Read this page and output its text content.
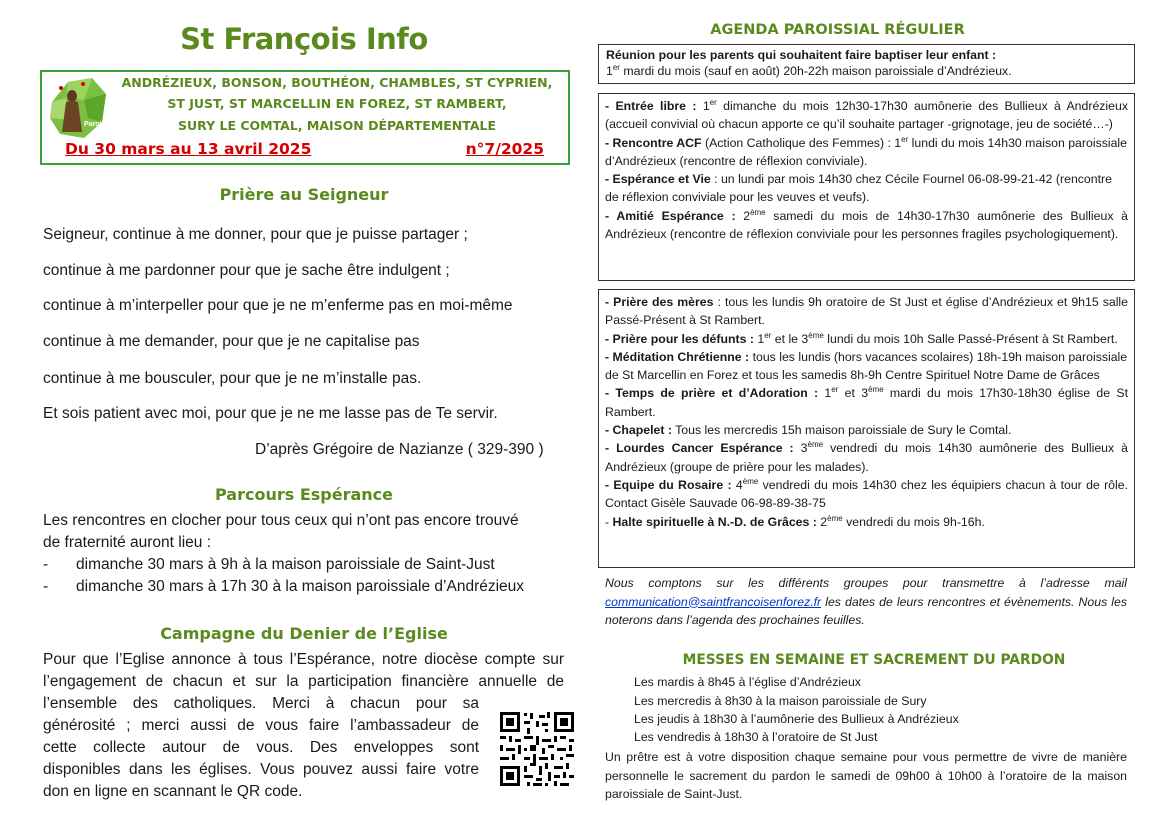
St François Info
Paroisse
ANDRÉZIEUX, BONSON, BOUTHÉON, CHAMBLES, ST CYPRIEN,
ST JUST, ST MARCELLIN EN FOREZ, ST RAMBERT,
SURY LE COMTAL, MAISON DÉPARTEMENTALE
Du 30 mars au 13 avril 2025	n°7/2025
Prière au Seigneur
Seigneur, continue à me donner, pour que je puisse partager ;
continue à me pardonner pour que je sache être indulgent ;
continue à m’interpeller pour que je ne m’enferme pas en moi-même
continue à me demander, pour que je ne capitalise pas
continue à me bousculer, pour que je ne m’installe pas.
Et sois patient avec moi, pour que je ne me lasse pas de Te servir.
D’après Grégoire de Nazianze ( 329-390 )
Parcours Espérance
Les rencontres en clocher pour tous ceux qui n’ont pas encore trouvé
de fraternité auront lieu :
- dimanche 30 mars à 9h à la maison paroissiale de Saint-Just
- dimanche 30 mars à 17h 30 à la maison paroissiale d’Andrézieux
Campagne du Denier de l’Eglise
Pour que l’Eglise annonce à tous l’Espérance, notre diocèse compte sur
l’engagement de chacun et sur la participation financière annuelle de
l’ensemble des catholiques. Merci à chacun pour sa
générosité ; merci aussi de vous faire l’ambassadeur de
cette collecte autour de vous. Des enveloppes sont
disponibles dans les églises. Vous pouvez aussi faire votre
don en ligne en scannant le QR code.
AGENDA PAROISSIAL RÉGULIER

Réunion pour les parents qui souhaitent faire baptiser leur enfant :

1er mardi du mois (sauf en août) 20h-22h maison paroissiale d’Andrézieux.

- Entrée libre : 1er dimanche du mois 12h30-17h30 aumônerie des Bullieux à Andrézieux (accueil convivial où chacun apporte ce qu’il souhaite partager -grignotage, jeu de société…-)

- Rencontre ACF (Action Catholique des Femmes) : 1er lundi du mois 14h30 maison paroissiale d’Andrézieux (rencontre de réflexion conviviale).

- Espérance et Vie : un lundi par mois 14h30 chez Cécile Fournel 06-08-99-21-42 (rencontre de réflexion conviviale pour les veuves et veufs).

- Amitié Espérance : 2ème samedi du mois de 14h30-17h30 aumônerie des Bullieux à Andrézieux (rencontre de réflexion conviviale pour les personnes fragiles psychologiquement).

- Prière des mères : tous les lundis 9h oratoire de St Just et église d’Andrézieux et 9h15 salle Passé-Présent à St Rambert.

- Prière pour les défunts : 1er et le 3ème lundi du mois 10h Salle Passé-Présent à St Rambert.

- Méditation Chrétienne : tous les lundis (hors vacances scolaires) 18h-19h maison paroissiale de St Marcellin en Forez et tous les samedis 8h-9h Centre Spirituel Notre Dame de Grâces

- Temps de prière et d’Adoration : 1er et 3ème mardi du mois 17h30-18h30 église de St Rambert.

- Chapelet : Tous les mercredis 15h maison paroissiale de Sury le Comtal.

- Lourdes Cancer Espérance : 3ème vendredi du mois 14h30 aumônerie des Bullieux à Andrézieux (groupe de prière pour les malades).

- Equipe du Rosaire : 4ème vendredi du mois 14h30 chez les équipiers chacun à tour de rôle. Contact Gisèle Sauvade 06-98-89-38-75

- Halte spirituelle à N.-D. de Grâces : 2ème vendredi du mois 9h-16h.

Nous comptons sur les différents groupes pour transmettre à l’adresse mail communication@saintfrancoisenforez.fr les dates de leurs rencontres et évènements. Nous les noterons dans l’agenda des prochaines feuilles.
MESSES EN SEMAINE ET SACREMENT DU PARDON
Les mardis à 8h45 à l’église d’Andrézieux
Les mercredis à 8h30 à la maison paroissiale de Sury
Les jeudis à 18h30 à l’aumônerie des Bullieux à Andrézieux
Les vendredis à 18h30 à l’oratoire de St Just
Un prêtre est à votre disposition chaque semaine pour vous permettre de vivre de manière personnelle le sacrement du pardon le samedi de 09h00 à 10h00 à l’oratoire de la maison paroissiale de Saint-Just.
